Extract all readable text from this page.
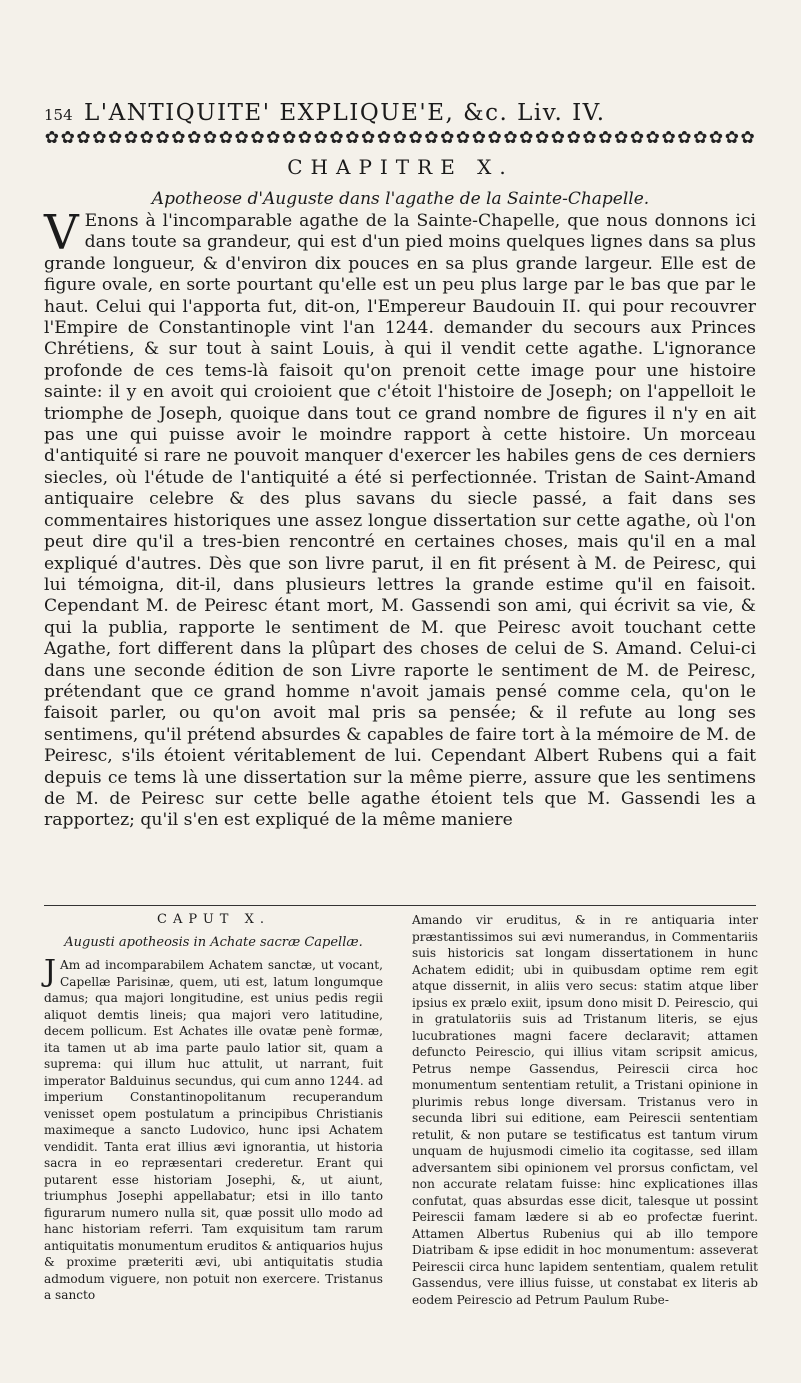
154 L'ANTIQUITE' EXPLIQUE'E, &c. Liv. IV.
✿ ✿ ✿ ✿ ✿ ✿ ✿ ✿ ✿ ✿ ✿ ✿ ✿ ✿ ✿ ✿ ✿ ✿ ✿ ✿ ✿ ✿ ✿ ✿ ✿ ✿ ✿ ✿ ✿ ✿ ✿ ✿ ✿ ✿ ✿ ✿ ✿ ✿ ✿ ✿ ✿ ✿ ✿ ✿ ✿
CHAPITRE X.
Apotheose d'Auguste dans l'agathe de la Sainte-Chapelle.
V Enons à l'incomparable agathe de la Sainte-Chapelle, que nous donnons ici dans toute sa grandeur, qui est d'un pied moins quelques lignes dans sa plus grande longueur, & d'environ dix pouces en sa plus grande largeur. Elle est de figure ovale, en sorte pourtant qu'elle est un peu plus large par le bas que par le haut. Celui qui l'apporta fut, dit-on, l'Empereur Baudouin II. qui pour recouvrer l'Empire de Constantinople vint l'an 1244. demander du secours aux Princes Chrétiens, & sur tout à saint Louis, à qui il vendit cette agathe. L'ignorance profonde de ces tems-là faisoit qu'on prenoit cette image pour une histoire sainte: il y en avoit qui croioient que c'étoit l'histoire de Joseph; on l'appelloit le triomphe de Joseph, quoique dans tout ce grand nombre de figures il n'y en ait pas une qui puisse avoir le moindre rapport à cette histoire. Un morceau d'antiquité si rare ne pouvoit manquer d'exercer les habiles gens de ces derniers siecles, où l'étude de l'antiquité a été si perfectionnée. Tristan de Saint-Amand antiquaire celebre & des plus savans du siecle passé, a fait dans ses commentaires historiques une assez longue dissertation sur cette agathe, où l'on peut dire qu'il a tres-bien rencontré en certaines choses, mais qu'il en a mal expliqué d'autres. Dès que son livre parut, il en fit présent à M. de Peiresc, qui lui témoigna, dit-il, dans plusieurs lettres la grande estime qu'il en faisoit. Cependant M. de Peiresc étant mort, M. Gassendi son ami, qui écrivit sa vie, & qui la publia, rapporte le sentiment de M. que Peiresc avoit touchant cette Agathe, fort different dans la plûpart des choses de celui de S. Amand. Celui-ci dans une seconde édition de son Livre raporte le sentiment de M. de Peiresc, prétendant que ce grand homme n'avoit jamais pensé comme cela, qu'on le faisoit parler, ou qu'on avoit mal pris sa pensée; & il refute au long ses sentimens, qu'il prétend absurdes & capables de faire tort à la mémoire de M. de Peiresc, s'ils étoient véritablement de lui. Cependant Albert Rubens qui a fait depuis ce tems là une dissertation sur la même pierre, assure que les sentimens de M. de Peiresc sur cette belle agathe étoient tels que M. Gassendi les a rapportez; qu'il s'en est expliqué de la même maniere
CAPUT X.
Augusti apotheosis in Achate sacræ Capellæ.

J Am ad incomparabilem Achatem sanctæ, ut vocant, Capellæ Parisinæ, quem, uti est, latum longumque damus; qua majori longitudine, est unius pedis regii aliquot demtis lineis; qua majori vero latitudine, decem pollicum. Est Achates ille ovatæ penè formæ, ita tamen ut ab ima parte paulo latior sit, quam a suprema: qui illum huc attulit, ut narrant, fuit imperator Balduinus secundus, qui cum anno 1244. ad imperium Constantinopolitanum recuperandum venisset opem postulatum a principibus Christianis maximeque a sancto Ludovico, hunc ipsi Achatem vendidit. Tanta erat illius ævi ignorantia, ut historia sacra in eo repræsentari crederetur. Erant qui putarent esse historiam Josephi, &, ut aiunt, triumphus Josephi appellabatur; etsi in illo tanto figurarum numero nulla sit, quæ possit ullo modo ad hanc historiam referri. Tam exquisitum tam rarum antiquitatis monumentum eruditos & antiquarios hujus & proxime præteriti ævi, ubi antiquitatis studia admodum viguere, non potuit non exercere. Tristanus a sancto

Amando vir eruditus, & in re antiquaria inter præstantissimos sui ævi numerandus, in Commentariis suis historicis sat longam dissertationem in hunc Achatem edidit; ubi in quibusdam optime rem egit atque dissernit, in aliis vero secus: statim atque liber ipsius ex prælo exiit, ipsum dono misit D. Peirescio, qui in gratulatoriis suis ad Tristanum literis, se ejus lucubrationes magni facere declaravit; attamen defuncto Peirescio, qui illius vitam scripsit amicus, Petrus nempe Gassendus, Peirescii circa hoc monumentum sententiam retulit, a Tristani opinione in plurimis rebus longe diversam. Tristanus vero in secunda libri sui editione, eam Peirescii sententiam retulit, & non putare se testificatus est tantum virum unquam de hujusmodi cimelio ita cogitasse, sed illam adversantem sibi opinionem vel prorsus confictam, vel non accurate relatam fuisse: hinc explicationes illas confutat, quas absurdas esse dicit, talesque ut possint Peirescii famam lædere si ab eo profectæ fuerint. Attamen Albertus Rubenius qui ab illo tempore Diatribam & ipse edidit in hoc monumentum: asseverat Peirescii circa hunc lapidem sententiam, qualem retulit Gassendus, vere illius fuisse, ut constabat ex literis ab eodem Peirescio ad Petrum Paulum Rube-
